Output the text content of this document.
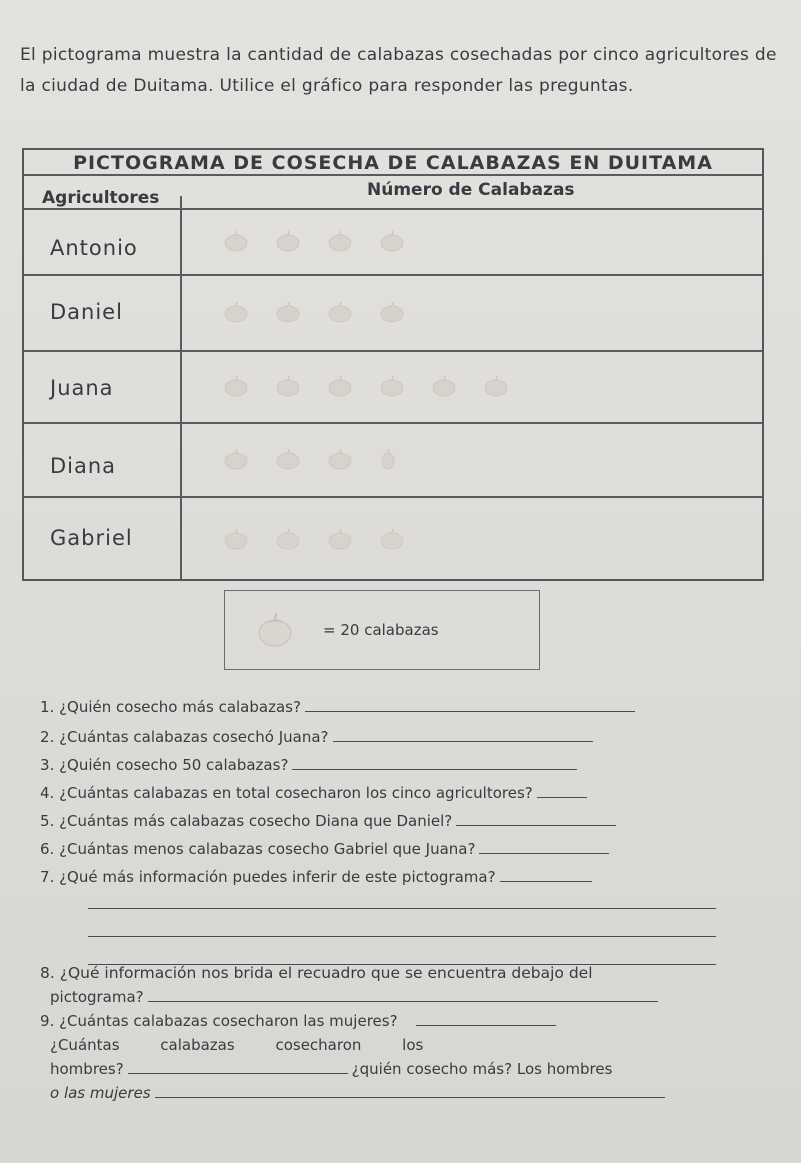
El pictograma muestra la cantidad de calabazas cosechadas por cinco agricultores de la ciudad de Duitama. Utilice el gráfico para responder las preguntas.
PICTOGRAMA DE COSECHA DE CALABAZAS EN DUITAMA
Agricultores	Número de Calabazas
Antonio
Daniel
Juana
Diana
Gabriel
= 20 calabazas
1. ¿Quién cosecho más calabazas?
2. ¿Cuántas calabazas cosechó Juana?
3. ¿Quién cosecho 50 calabazas?
4. ¿Cuántas calabazas en total cosecharon los cinco agricultores?
5. ¿Cuántas más calabazas cosecho Diana que Daniel?
6. ¿Cuántas menos calabazas cosecho Gabriel que Juana?
7. ¿Qué más información puedes inferir de este pictograma?
8. ¿Qué información nos brida el recuadro que se encuentra debajo del
pictograma?
9. ¿Cuántas calabazas cosecharon las mujeres?
¿Cuántas calabazas cosecharon los
hombres?	¿quién cosecho más? Los hombres
o las mujeres
